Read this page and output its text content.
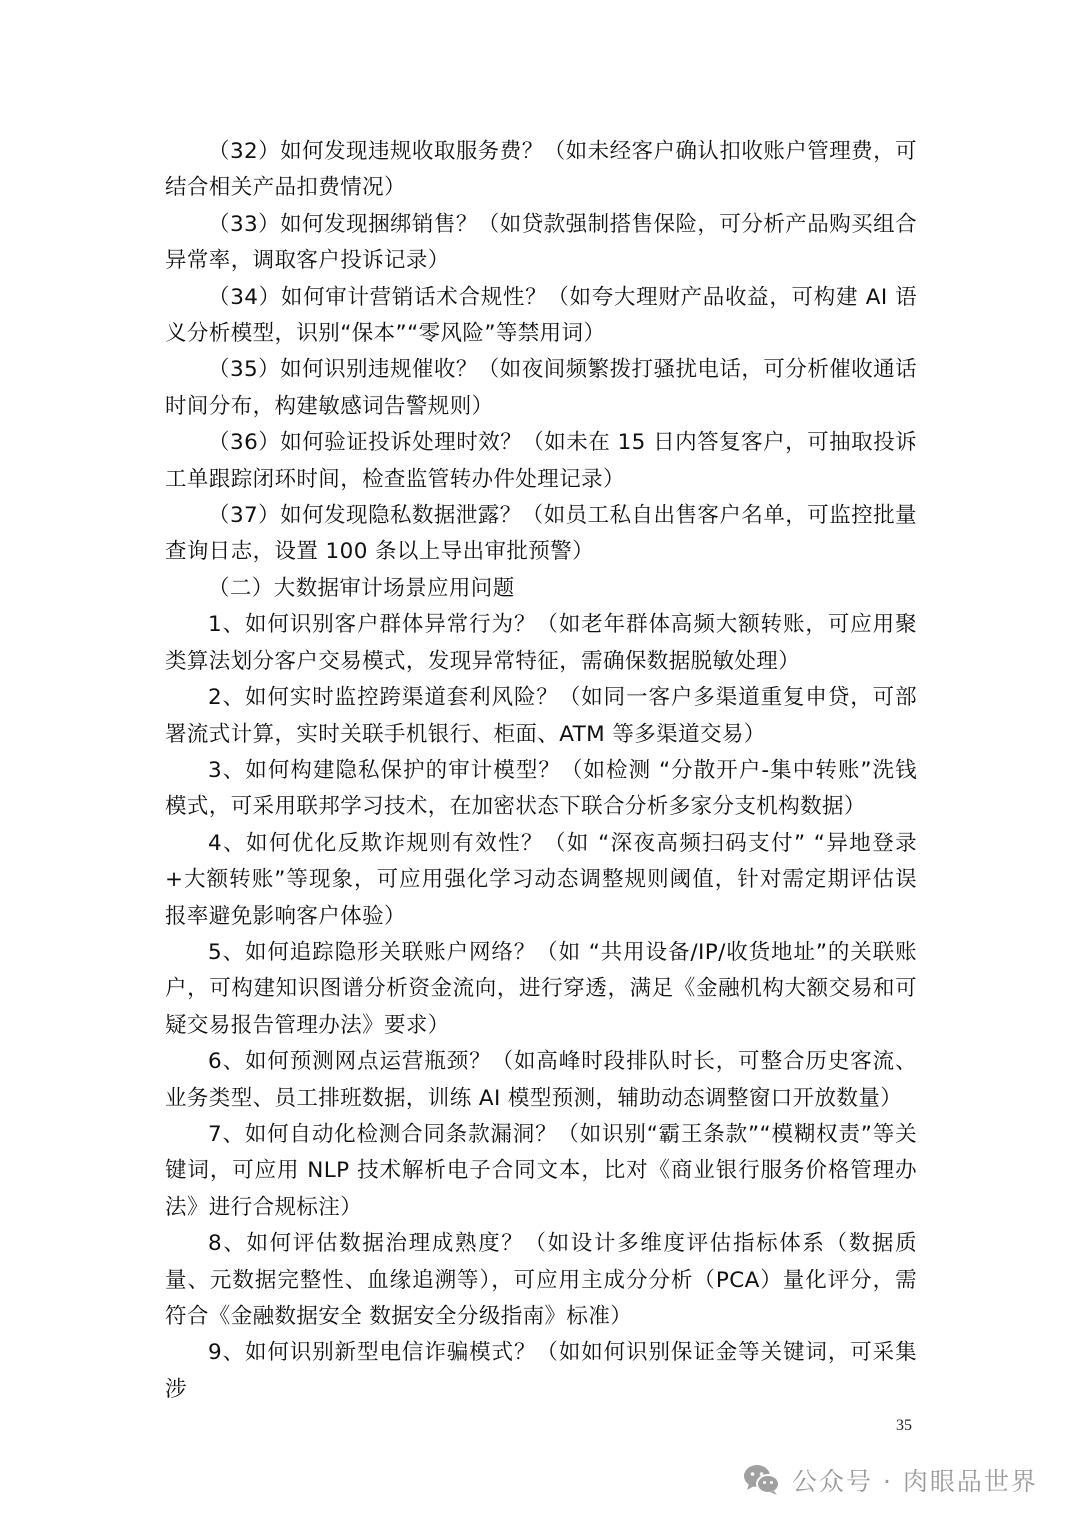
（32）如何发现违规收取服务费？（如未经客户确认扣收账户管理费，可结合相关产品扣费情况）

（33）如何发现捆绑销售？（如贷款强制搭售保险，可分析产品购买组合异常率，调取客户投诉记录）

（34）如何审计营销话术合规性？（如夸大理财产品收益，可构建 AI 语义分析模型，识别“保本”“零风险”等禁用词）

（35）如何识别违规催收？（如夜间频繁拨打骚扰电话，可分析催收通话时间分布，构建敏感词告警规则）

（36）如何验证投诉处理时效？（如未在 15 日内答复客户，可抽取投诉工单跟踪闭环时间，检查监管转办件处理记录）

（37）如何发现隐私数据泄露？（如员工私自出售客户名单，可监控批量查询日志，设置 100 条以上导出审批预警）

（二）大数据审计场景应用问题

1、如何识别客户群体异常行为？（如老年群体高频大额转账，可应用聚类算法划分客户交易模式，发现异常特征，需确保数据脱敏处理）

2、如何实时监控跨渠道套利风险？（如同一客户多渠道重复申贷，可部署流式计算，实时关联手机银行、柜面、ATM 等多渠道交易）

3、如何构建隐私保护的审计模型？（如检测 “分散开户-集中转账”洗钱模式，可采用联邦学习技术，在加密状态下联合分析多家分支机构数据）

4、如何优化反欺诈规则有效性？（如 “深夜高频扫码支付” “异地登录+大额转账”等现象，可应用强化学习动态调整规则阈值，针对需定期评估误报率避免影响客户体验）

5、如何追踪隐形关联账户网络？（如 “共用设备/IP/收货地址”的关联账户，可构建知识图谱分析资金流向，进行穿透，满足《金融机构大额交易和可疑交易报告管理办法》要求）

6、如何预测网点运营瓶颈？（如高峰时段排队时长，可整合历史客流、业务类型、员工排班数据，训练 AI 模型预测，辅助动态调整窗口开放数量）

7、如何自动化检测合同条款漏洞？（如识别“霸王条款”“模糊权责”等关键词，可应用 NLP 技术解析电子合同文本，比对《商业银行服务价格管理办法》进行合规标注）

8、如何评估数据治理成熟度？（如设计多维度评估指标体系（数据质量、元数据完整性、血缘追溯等），可应用主成分分析（PCA）量化评分，需符合《金融数据安全 数据安全分级指南》标准）

9、如何识别新型电信诈骗模式？（如如何识别保证金等关键词，可采集涉

35
公众号 · 肉眼品世界
